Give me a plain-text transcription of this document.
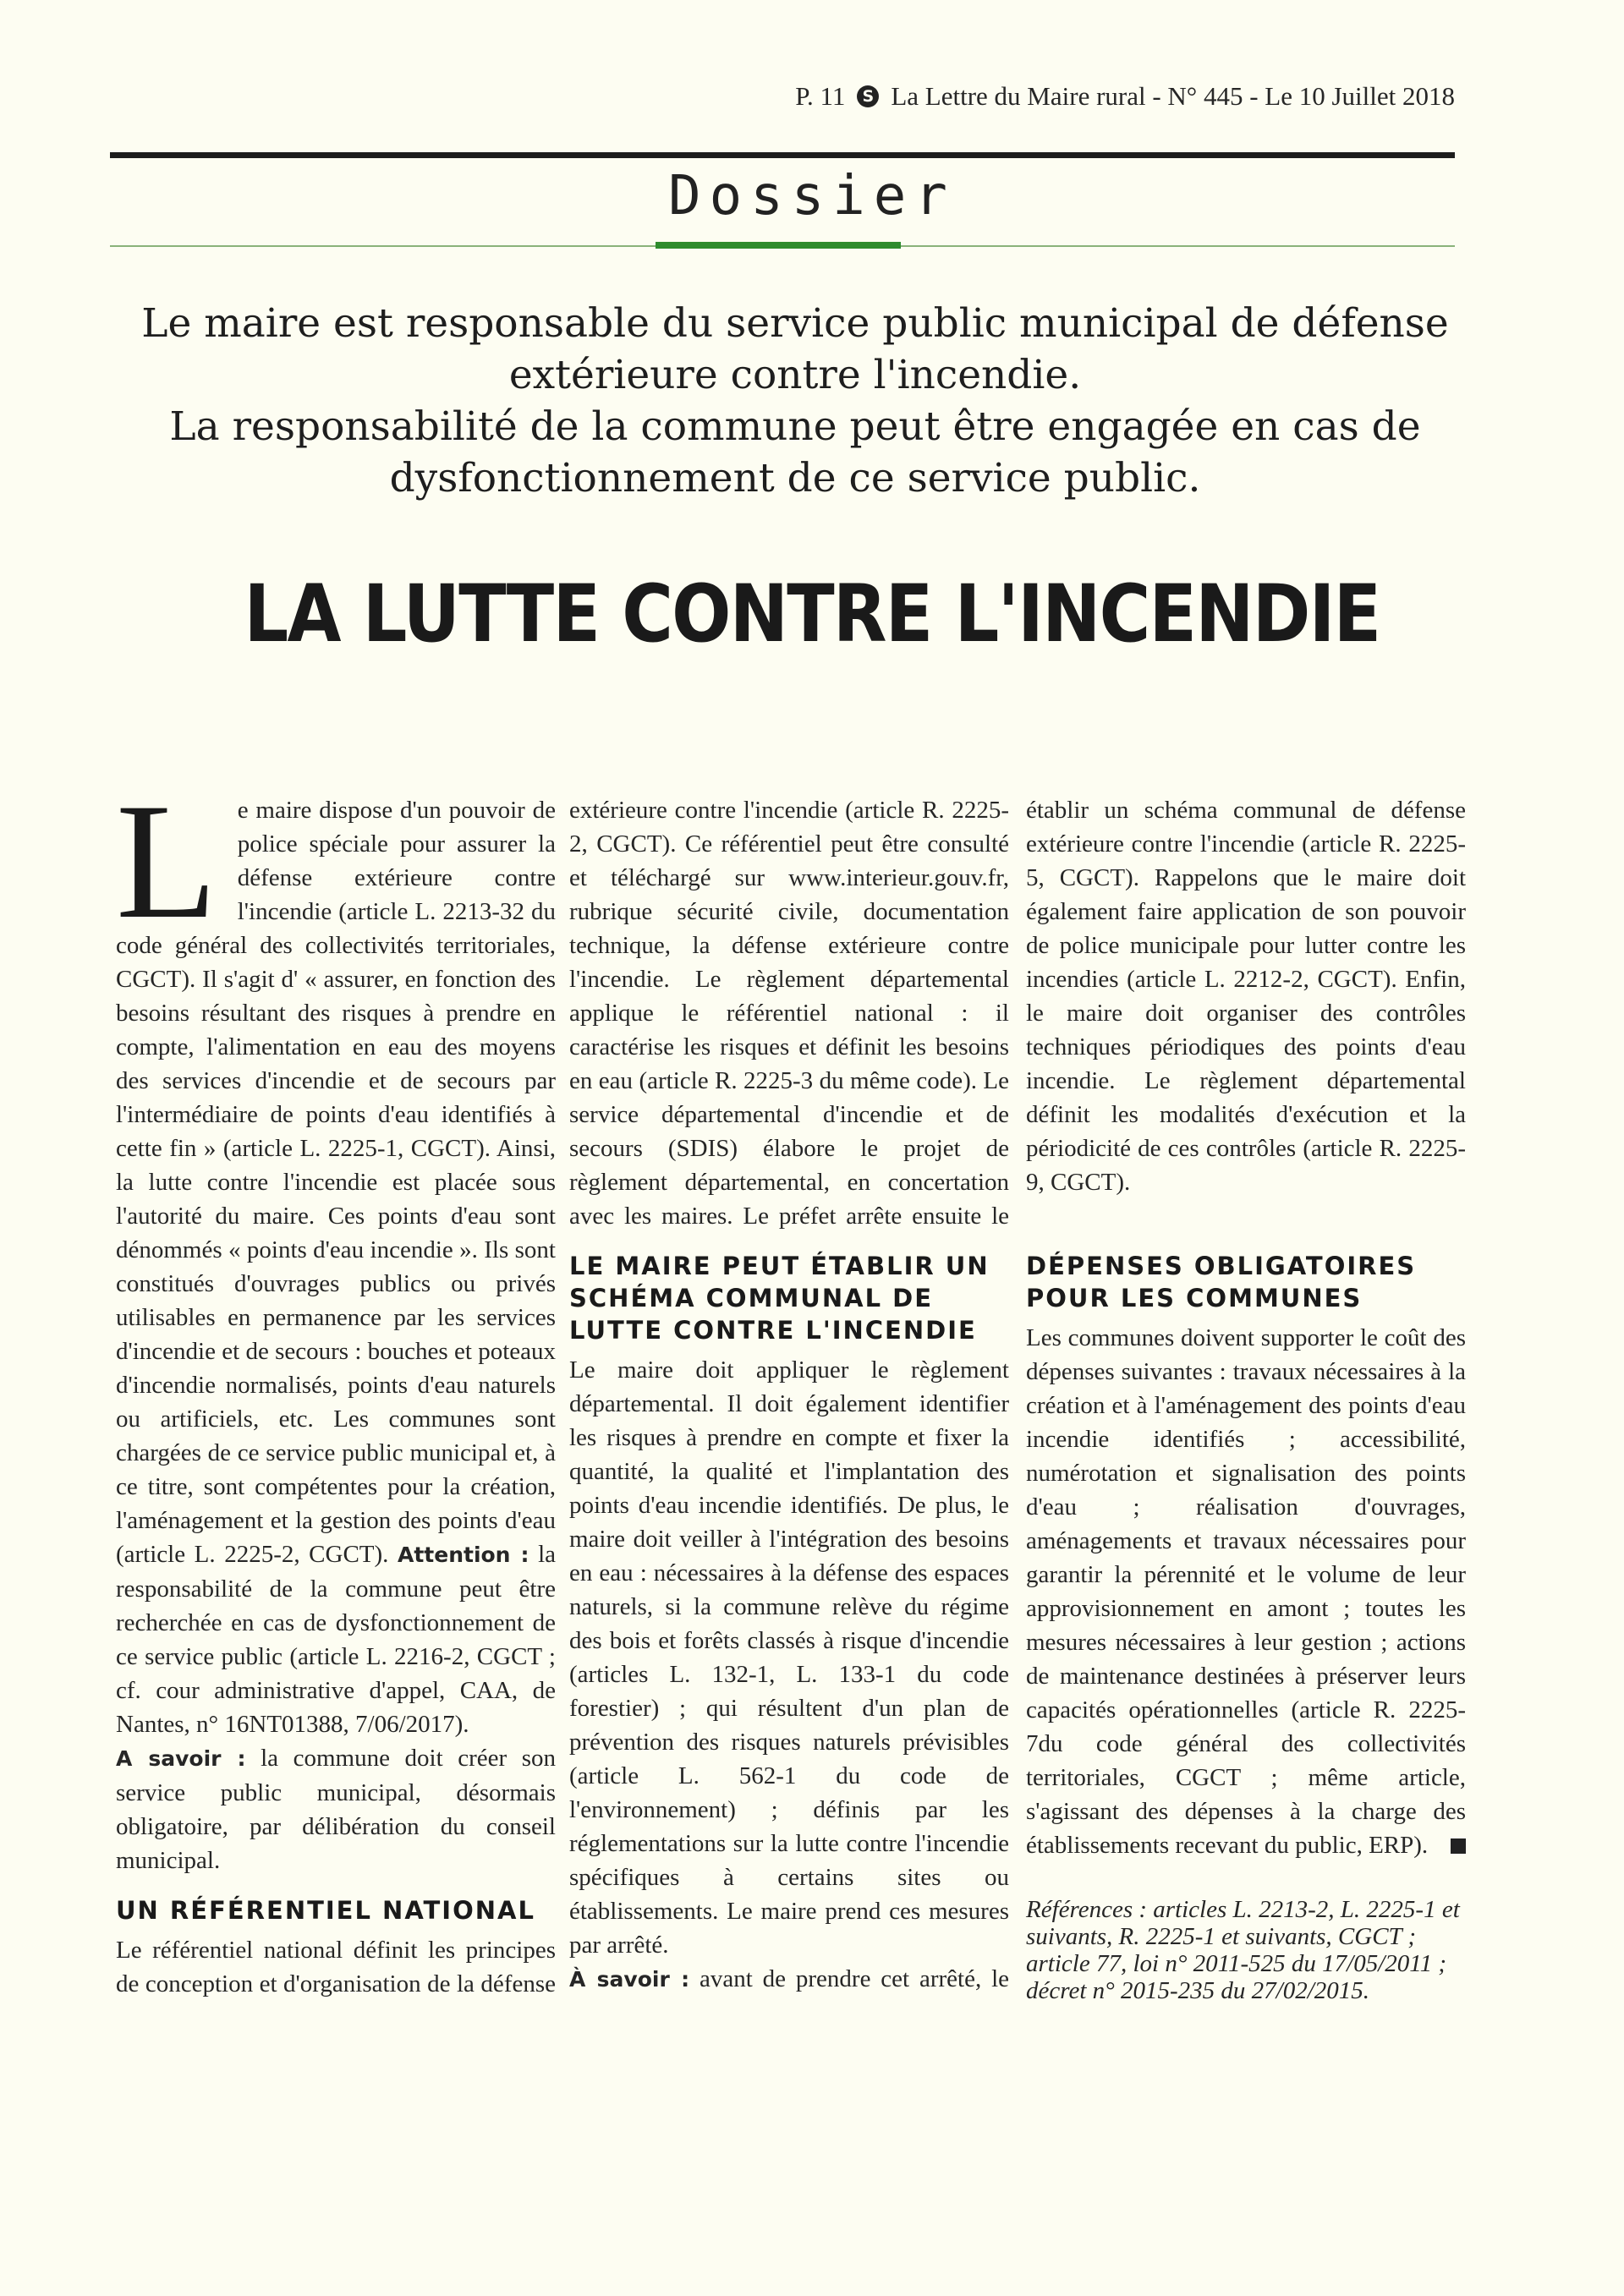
P. 11	S La Lettre du Maire rural - N° 445 - Le 10 Juillet 2018
Dossier

Le maire est responsable du service public municipal de défense extérieure contre l'incendie.

La responsabilité de la commune peut être engagée en cas de dysfonctionnement de ce service public.

LA LUTTE CONTRE L'INCENDIE
L e maire dispose d'un pouvoir de police spéciale pour assurer la défense extérieure contre l'incendie (article L. 2213-32 du code général des collectivités territoriales, CGCT). Il s'agit d' « assurer, en fonction des besoins résultant des risques à prendre en compte, l'alimentation en eau des moyens des services d'incendie et de secours par l'intermédiaire de points d'eau identifiés à cette fin » (article L. 2225-1, CGCT). Ainsi, la lutte contre l'incendie est placée sous l'autorité du maire. Ces points d'eau sont dénommés « points d'eau incendie ». Ils sont constitués d'ouvrages publics ou privés utilisables en permanence par les services d'incendie et de secours : bouches et poteaux d'incendie normalisés, points d'eau naturels ou artificiels, etc. Les communes sont chargées de ce service public municipal et, à ce titre, sont compétentes pour la création, l'aménagement et la gestion des points d'eau (article L. 2225-2, CGCT). Attention : la responsabilité de la commune peut être recherchée en cas de dysfonctionnement de ce service public (article L. 2216-2, CGCT ; cf. cour administrative d'appel, CAA, de Nantes, n° 16NT01388, 7/06/2017).

A savoir : la commune doit créer son service public municipal, désormais obligatoire, par délibération du conseil municipal.

UN RÉFÉRENTIEL NATIONAL

Le référentiel national définit les principes de conception et d'organisation de la défense

extérieure contre l'incendie (article R. 2225-2, CGCT). Ce référentiel peut être consulté et téléchargé sur www.interieur.gouv.fr, rubrique sécurité civile, documentation technique, la défense extérieure contre l'incendie. Le règlement départemental applique le référentiel national : il caractérise les risques et définit les besoins en eau (article R. 2225-3 du même code). Le service départemental d'incendie et de secours (SDIS) élabore le projet de règlement départemental, en concertation avec les maires. Le préfet arrête ensuite le

LE MAIRE PEUT ÉTABLIR UN SCHÉMA COMMUNAL DE LUTTE CONTRE L'INCENDIE

Le maire doit appliquer le règlement départemental. Il doit également identifier les risques à prendre en compte et fixer la quantité, la qualité et l'implantation des points d'eau incendie identifiés. De plus, le maire doit veiller à l'intégration des besoins en eau : nécessaires à la défense des espaces naturels, si la commune relève du régime des bois et forêts classés à risque d'incendie (articles L. 132-1, L. 133-1 du code forestier) ; qui résultent d'un plan de prévention des risques naturels prévisibles (article L. 562-1 du code de l'environnement) ; définis par les réglementations sur la lutte contre l'incendie spécifiques à certains sites ou établissements. Le maire prend ces mesures par arrêté.

À savoir : avant de prendre cet arrêté, le

établir un schéma communal de défense extérieure contre l'incendie (article R. 2225-5, CGCT). Rappelons que le maire doit également faire application de son pouvoir de police municipale pour lutter contre les incendies (article L. 2212-2, CGCT). Enfin, le maire doit organiser des contrôles techniques périodiques des points d'eau incendie. Le règlement départemental définit les modalités d'exécution et la périodicité de ces contrôles (article R. 2225-9, CGCT).

DÉPENSES OBLIGATOIRES POUR LES COMMUNES

Les communes doivent supporter le coût des dépenses suivantes : travaux nécessaires à la création et à l'aménagement des points d'eau incendie identifiés ; accessibilité, numérotation et signalisation des points d'eau ; réalisation d'ouvrages, aménagements et travaux nécessaires pour garantir la pérennité et le volume de leur approvisionnement en amont ; toutes les mesures nécessaires à leur gestion ; actions de maintenance destinées à préserver leurs capacités opérationnelles (article R. 2225-7du code général des collectivités territoriales, CGCT ; même article, s'agissant des dépenses à la charge des établissements recevant du public, ERP).

Références : articles L. 2213-2, L. 2225-1 et suivants, R. 2225-1 et suivants, CGCT ; article 77, loi n° 2011-525 du 17/05/2011 ; décret n° 2015-235 du 27/02/2015.
